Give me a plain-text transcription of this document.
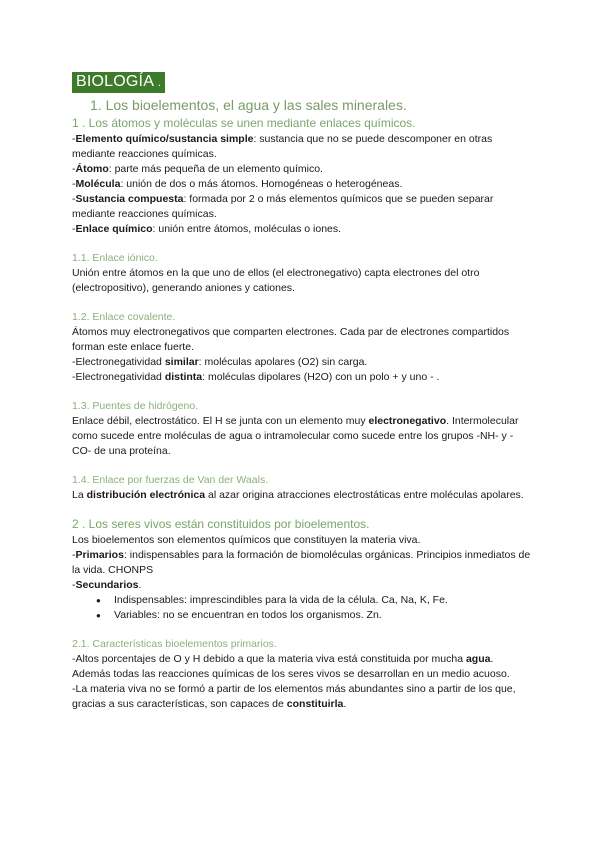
BIOLOGÍA .
1. Los bioelementos, el agua y las sales minerales.
1 . Los átomos y moléculas se unen mediante enlaces químicos.

-Elemento químico/sustancia simple: sustancia que no se puede descomponer en otras mediante reacciones químicas.

-Átomo: parte más pequeña de un elemento químico.

-Molécula: unión de dos o más átomos. Homogéneas o heterogéneas.

-Sustancia compuesta: formada por 2 o más elementos químicos que se pueden separar mediante reacciones químicas.

-Enlace químico: unión entre átomos, moléculas o iones.

1.1. Enlace iónico.

Unión entre átomos en la que uno de ellos (el electronegativo) capta electrones del otro (electropositivo), generando aniones y cationes.

1.2. Enlace covalente.

Átomos muy electronegativos que comparten electrones. Cada par de electrones compartidos forman este enlace fuerte.

-Electronegatividad similar: moléculas apolares (O2) sin carga.

-Electronegatividad distinta: moléculas dipolares (H2O) con un polo + y uno - .

1.3. Puentes de hidrógeno.

Enlace débil, electrostático. El H se junta con un elemento muy electronegativo. Intermolecular como sucede entre moléculas de agua o intramolecular como sucede entre los grupos -NH- y -CO- de una proteína.

1.4. Enlace por fuerzas de Van der Waals.

La distribución electrónica al azar origina atracciones electrostáticas entre moléculas apolares.

2 . Los seres vivos están constituidos por bioelementos.

Los bioelementos son elementos químicos que constituyen la materia viva.

-Primarios: indispensables para la formación de biomoléculas orgánicas. Principios inmediatos de la vida. CHONPS

-Secundarios.

● Indispensables: imprescindibles para la vida de la célula. Ca, Na, K, Fe.
● Variables: no se encuentran en todos los organismos. Zn.
2.1. Características bioelementos primarios.

-Altos porcentajes de O y H debido a que la materia viva está constituida por mucha agua. Además todas las reacciones químicas de los seres vivos se desarrollan en un medio acuoso.

-La materia viva no se formó a partir de los elementos más abundantes sino a partir de los que, gracias a sus características, son capaces de constituirla.
